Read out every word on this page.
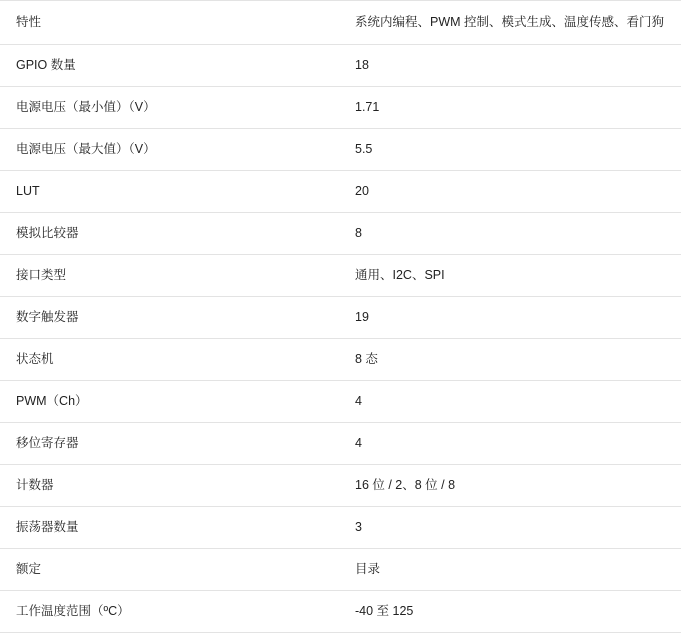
特性	系统内编程、PWM 控制、模式生成、温度传感、看门狗
GPIO 数量	18
电源电压（最小值）（V）	1.71
电源电压（最大值）（V）	5.5
LUT	20
模拟比较器	8
接口类型	通用、I2C、SPI
数字触发器	19
状态机	8 态
PWM（Ch）	4
移位寄存器	4
计数器	16 位 / 2、8 位 / 8
振荡器数量	3
额定	目录
工作温度范围（ºC）	-40 至 125
